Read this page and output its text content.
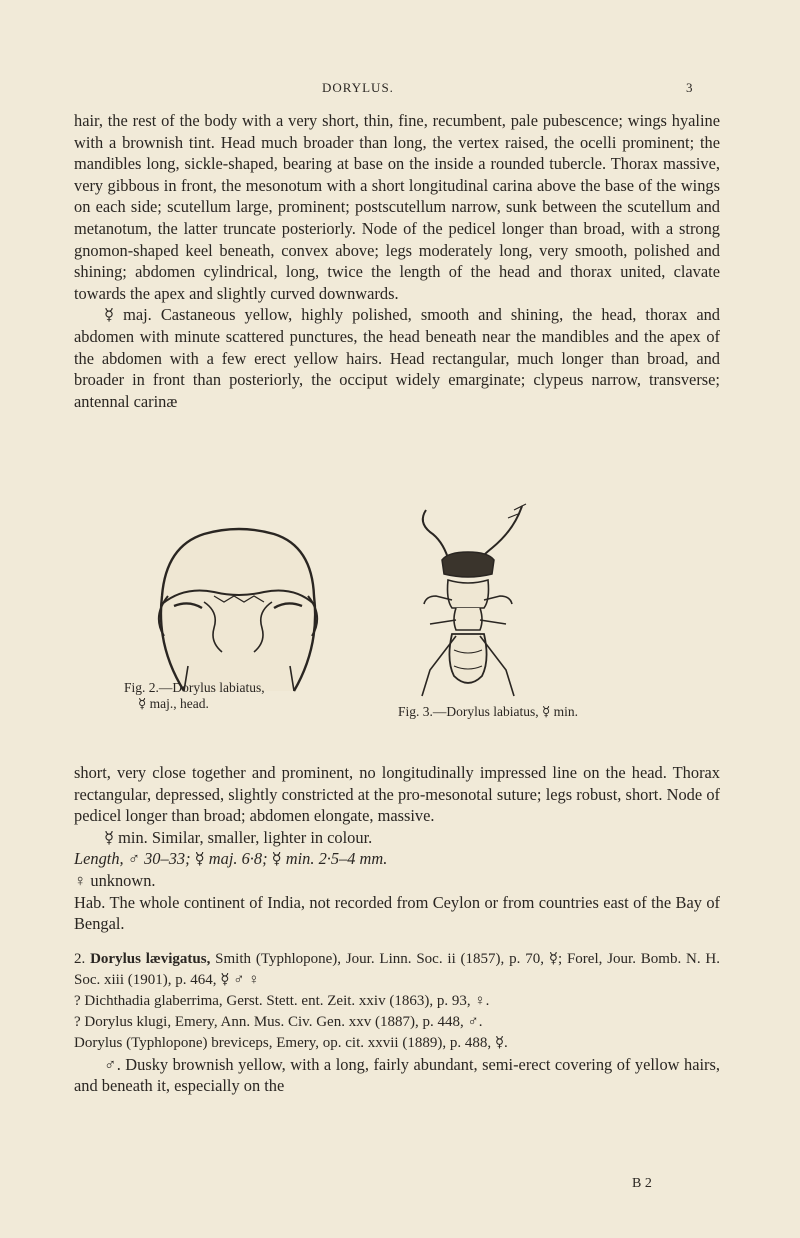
DORYLUS.	3

hair, the rest of the body with a very short, thin, fine, recumbent, pale pubescence; wings hyaline with a brownish tint. Head much broader than long, the vertex raised, the ocelli prominent; the mandibles long, sickle-shaped, bearing at base on the inside a rounded tubercle. Thorax massive, very gibbous in front, the mesonotum with a short longitudinal carina above the base of the wings on each side; scutellum large, prominent; postscutellum narrow, sunk between the scutellum and metanotum, the latter truncate posteriorly. Node of the pedicel longer than broad, with a strong gnomon-shaped keel beneath, convex above; legs moderately long, very smooth, polished and shining; abdomen cylindrical, long, twice the length of the head and thorax united, clavate towards the apex and slightly curved downwards.

☿ maj. Castaneous yellow, highly polished, smooth and shining, the head, thorax and abdomen with minute scattered punctures, the head beneath near the mandibles and the apex of the abdomen with a few erect yellow hairs. Head rectangular, much longer than broad, and broader in front than posteriorly, the occiput widely emarginate; clypeus narrow, transverse; antennal carinæ

Fig. 2.—Dorylus labiatus,
☿ maj., head.
Fig. 3.—Dorylus labiatus, ☿ min.

short, very close together and prominent, no longitudinally impressed line on the head. Thorax rectangular, depressed, slightly constricted at the pro-mesonotal suture; legs robust, short. Node of pedicel longer than broad; abdomen elongate, massive.

☿ min. Similar, smaller, lighter in colour.

Length, ♂ 30–33; ☿ maj. 6·8; ☿ min. 2·5–4 mm.

♀ unknown.

Hab. The whole continent of India, not recorded from Ceylon or from countries east of the Bay of Bengal.

2. Dorylus lævigatus, Smith (Typhlopone), Jour. Linn. Soc. ii (1857), p. 70, ☿; Forel, Jour. Bomb. N. H. Soc. xiii (1901), p. 464, ☿ ♂ ♀

? Dichthadia glaberrima, Gerst. Stett. ent. Zeit. xxiv (1863), p. 93, ♀.

? Dorylus klugi, Emery, Ann. Mus. Civ. Gen. xxv (1887), p. 448, ♂.

Dorylus (Typhlopone) breviceps, Emery, op. cit. xxvii (1889), p. 488, ☿.

♂. Dusky brownish yellow, with a long, fairly abundant, semi-erect covering of yellow hairs, and beneath it, especially on the

B 2
